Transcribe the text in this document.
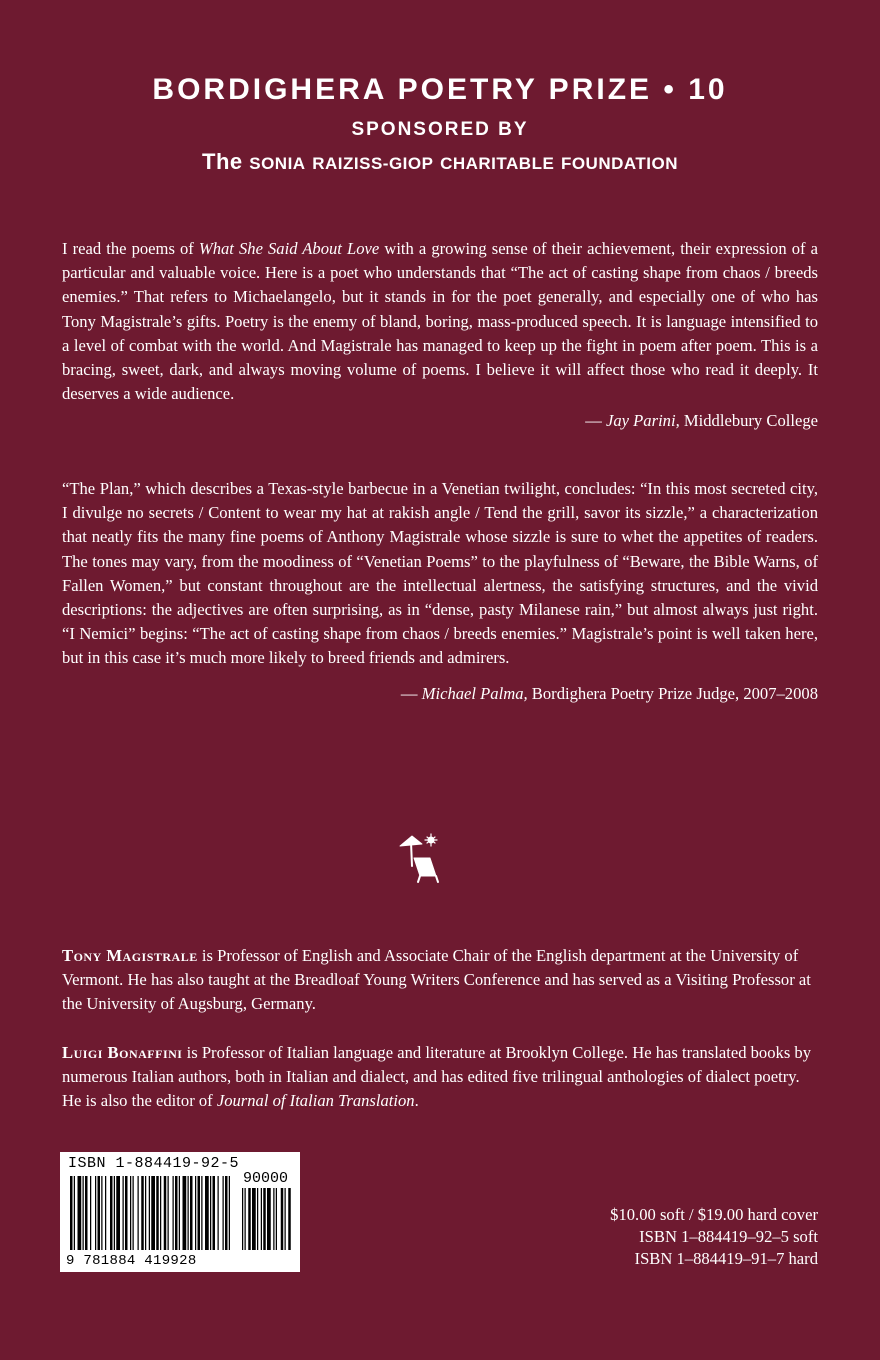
BORDIGHERA POETRY PRIZE • 10
SPONSORED BY
The SONIA RAIZISS-GIOP CHARITABLE FOUNDATION
I read the poems of What She Said About Love with a growing sense of their achievement, their expression of a particular and valuable voice. Here is a poet who understands that “The act of casting shape from chaos / breeds enemies.” That refers to Michaelangelo, but it stands in for the poet generally, and especially one of who has Tony Magistrale’s gifts. Poetry is the enemy of bland, boring, mass-produced speech. It is language intensified to a level of combat with the world. And Magistrale has managed to keep up the fight in poem after poem. This is a bracing, sweet, dark, and always moving volume of poems. I believe it will affect those who read it deeply. It deserves a wide audience.
— Jay Parini, Middlebury College
“The Plan,” which describes a Texas-style barbecue in a Venetian twilight, concludes: “In this most secreted city, I divulge no secrets / Content to wear my hat at rakish angle / Tend the grill, savor its sizzle,” a characterization that neatly fits the many fine poems of Anthony Magistrale whose sizzle is sure to whet the appetites of readers. The tones may vary, from the moodiness of “Venetian Poems” to the playfulness of “Beware, the Bible Warns, of Fallen Women,” but constant throughout are the intellectual alertness, the satisfying structures, and the vivid descriptions: the adjectives are often surprising, as in “dense, pasty Milanese rain,” but almost always just right. “I Nemici” begins: “The act of casting shape from chaos / breeds enemies.” Magistrale’s point is well taken here, but in this case it’s much more likely to breed friends and admirers.
— Michael Palma, Bordighera Poetry Prize Judge, 2007–2008
Tony Magistrale is Professor of English and Associate Chair of the English department at the University of Vermont. He has also taught at the Breadloaf Young Writers Conference and has served as a Visiting Professor at the University of Augsburg, Germany.
Luigi Bonaffini is Professor of Italian language and literature at Brooklyn College. He has translated books by numerous Italian authors, both in Italian and dialect, and has edited five trilingual anthologies of dialect poetry. He is also the editor of Journal of Italian Translation.
ISBN 1-884419-92-5
90000
9 781884 419928
$10.00 soft / $19.00 hard cover
ISBN 1–884419–92–5 soft
ISBN 1–884419–91–7 hard
